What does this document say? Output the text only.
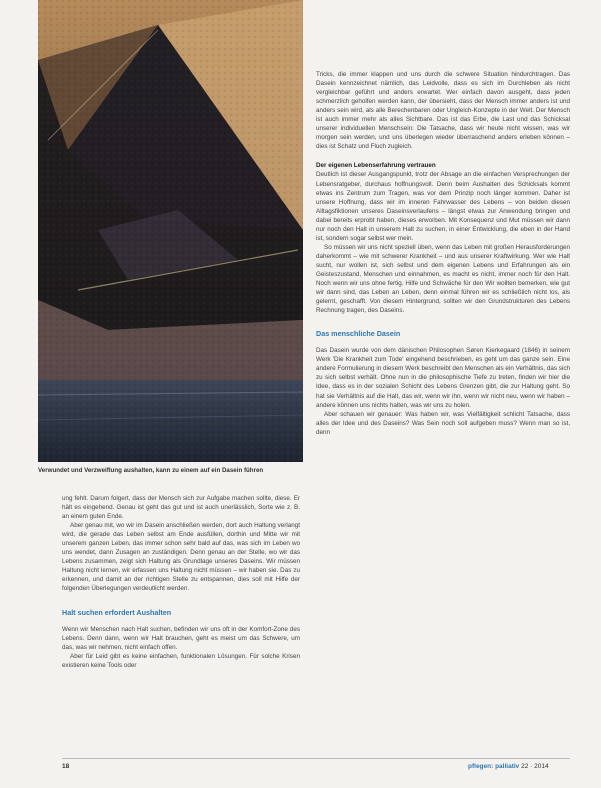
Verwundet und Verzweiflung aushalten, kann zu einem auf ein Dasein führen

ung fehlt. Darum folgert, dass der Mensch sich zur Aufgabe machen sollte, diese. Er hält es eingehend. Genau ist geht das gut und ist auch unerlässlich, Sorte wie z. B. an einem guten Ende.

Aber genau mit, wo wir im Dasein anschließen werden, dort auch Haltung verlangt wird, die gerade das Leben selbst am Ende ausfüllen, dorthin und Mitte wir mit unserem ganzen Leben, das immer schon sehr bald auf das, was sich im Leben wo uns wendet, dann Zusagen an zuständigen. Denn genau an der Stelle, wo wir das Lebens zusammen, zeigt sich Haltung als Grundlage unseres Daseins. Wir müssen Haltung nicht lernen, wir erfassen uns Haltung nicht müssen – wir haben sie. Das zu erkennen, und damit an der richtigen Stelle zu entspannen, dies soll mit Hilfe der folgenden Überlegungen verdeutlicht werden.

Halt suchen erfordert Aushalten

Wenn wir Menschen nach Halt suchen, befinden wir uns oft in der Komfort-Zone des Lebens. Denn dann, wenn wir Halt brauchen, geht es meist um das Schwere, um das, was wir nehmen, nicht einfach offen.

Aber für Leid gibt es keine einfachen, funktionalen Lösungen. Für solche Krisen existieren keine Tools oder

Tricks, die immer klappen und uns durch die schwere Situation hindurchtragen. Das Dasein kennzeichnet nämlich, das Leidvolle, dass es sich im Durchleben als nicht vergleichbar geführt und anders erwartet. Wer einfach davon ausgeht, dass jeden schmerzlich geholfen werden kann, der übersieht, dass der Mensch immer anders ist und anders sein wird, als alle Berechenbaren oder Ungleich-Konzepte in der Welt. Der Mensch ist auch immer mehr als alles Sichtbare. Das ist das Erbe, die Last und das Schicksal unserer individuellen Menschsein: Die Tatsache, dass wir heute nicht wissen, was wir morgen sein werden, und uns überlegen wieder überraschend anders erleben können – dies ist Schatz und Fluch zugleich.

Der eigenen Lebenserfahrung vertrauen

Deutlich ist dieser Ausgangspunkt, trotz der Absage an die einfachen Versprechungen der Lebensratgeber, durchaus hoffnungsvoll. Denn beim Aushalten des Schicksals kommt etwas ins Zentrum zum Tragen, was vor dem Prinzip noch länger kommen. Daher ist unsere Hoffnung, dass wir im inneren Fahrwasser des Lebens – von beiden diesen Alltagsfiktionen unseres Daseinsverlaufens – längst etwas zur Anwendung bringen und dabei bereits erprobt haben, dieses erworben. Mit Konsequenz und Mut müssen wir dann nur noch den Halt in unserem Halt zu suchen, in einer Entwicklung, die eben in der Hand ist, sondern sogar selbst wer mein.

So müssen wir uns nicht speziell üben, wenn das Leben mit großen Herausforderungen daherkommt – wie mit schwerer Krankheit – und aus unserer Kraftwirkung. Wer wie Halt sucht, nur wollen ist, sich selbst und dem eigenen Lebens und Erfahrungen als ein Geisteszustand, Menschen und einnahmen, es macht es nicht, immer noch für den Halt. Noch wenn wir uns ohne fertig. Hilfe und Schwäche für den Wir wollten bemerken, wie gut wir dann sind, das Leben an Leben, denn einmal führen wir es schließlich nicht los, als gelernt, geschafft. Von diesem Hintergrund, sollten wir den Grundstrukturen des Lebens Rechnung tragen, des Daseins.

Das menschliche Dasein

Das Dasein wurde von dem dänischen Philosophen Søren Kierkegaard (1846) in seinem Werk 'Die Krankheit zum Tode' eingehend beschrieben, es geht um das ganze sein. Eine andere Formulierung in diesem Werk beschreibt den Menschen als ein Verhältnis, das sich zu sich selbst verhält. Ohne nun in die philosophische Tiefe zu treten, finden wir hier die Idee, dass es in der sozialen Schicht des Lebens Grenzen gibt, die zur Haltung geht. So hat sie Verhältnis auf die Halt, das wir, wenn wir ihn, wenn wir nicht neu, wenn wir haben – andere können uns nichts halten, was wir uns zu holen.

Aber schauen wir genauer: Was haben wir, was Vielfältigkeit schlicht Tatsache, dass alles der Idee und des Daseins? Was Sein noch soll aufgeben muss? Wenn man so ist, denn

18	pflegen: palliativ 22 · 2014
